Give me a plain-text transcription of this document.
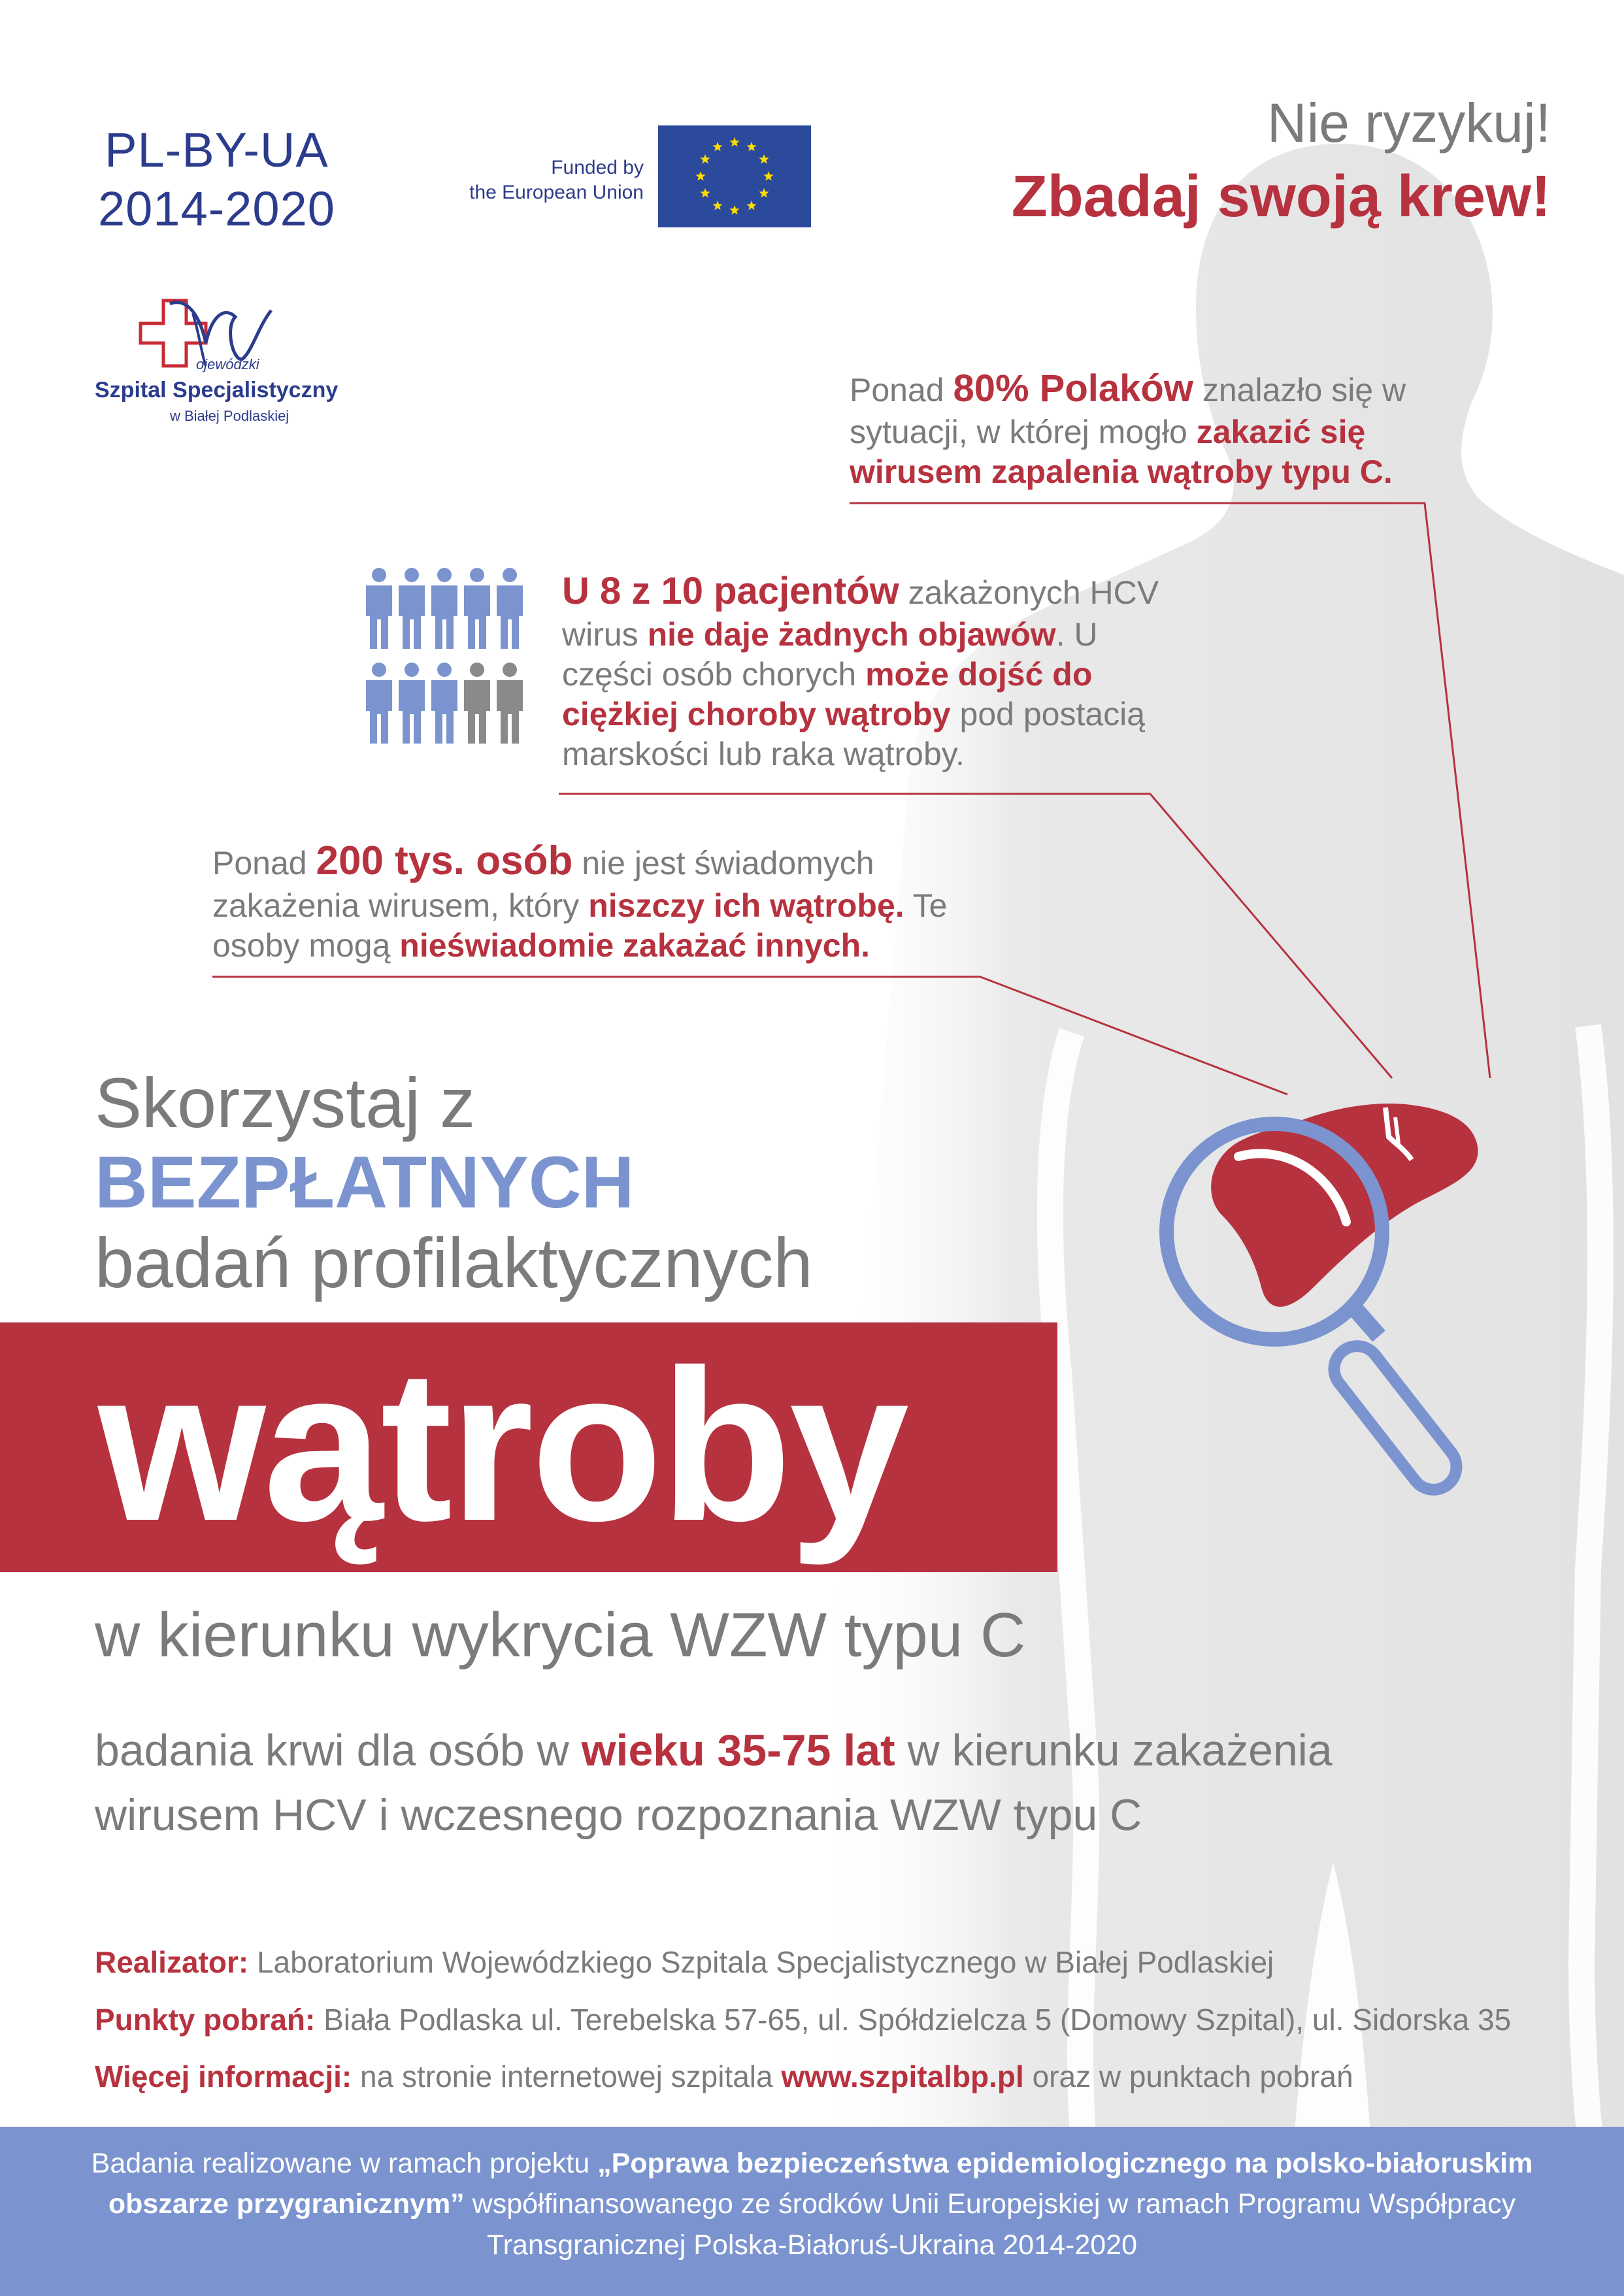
PL-BY-UA
2014-2020
Funded by
the European Union
Nie ryzykuj!
Zbadaj swoją krew!
ojewódzki
Szpital Specjalistyczny
w Białej Podlaskiej

Ponad 80% Polaków znalazło się w sytuacji, w której mogło zakazić się wirusem zapalenia wątroby typu C.

U 8 z 10 pacjentów zakażonych HCV wirus nie daje żadnych objawów. U części osób chorych może dojść do ciężkiej choroby wątroby pod postacią marskości lub raka wątroby.

Ponad 200 tys. osób nie jest świadomych zakażenia wirusem, który niszczy ich wątrobę. Te osoby mogą nieświadomie zakażać innych.

Skorzystaj z
BEZPŁATNYCH
badań profilaktycznych
wątroby
w kierunku wykrycia WZW typu C

badania krwi dla osób w wieku 35-75 lat w kierunku zakażenia wirusem HCV i wczesnego rozpoznania WZW typu C

Realizator: Laboratorium Wojewódzkiego Szpitala Specjalistycznego w Białej Podlaskiej

Punkty pobrań: Biała Podlaska ul. Terebelska 57-65, ul. Spółdzielcza 5 (Domowy Szpital), ul. Sidorska 35

Więcej informacji: na stronie internetowej szpitala www.szpitalbp.pl oraz w punktach pobrań

Badania realizowane w ramach projektu „Poprawa bezpieczeństwa epidemiologicznego na polsko-białoruskim obszarze przygranicznym” współfinansowanego ze środków Unii Europejskiej w ramach Programu Współpracy Transgranicznej Polska-Białoruś-Ukraina 2014-2020
